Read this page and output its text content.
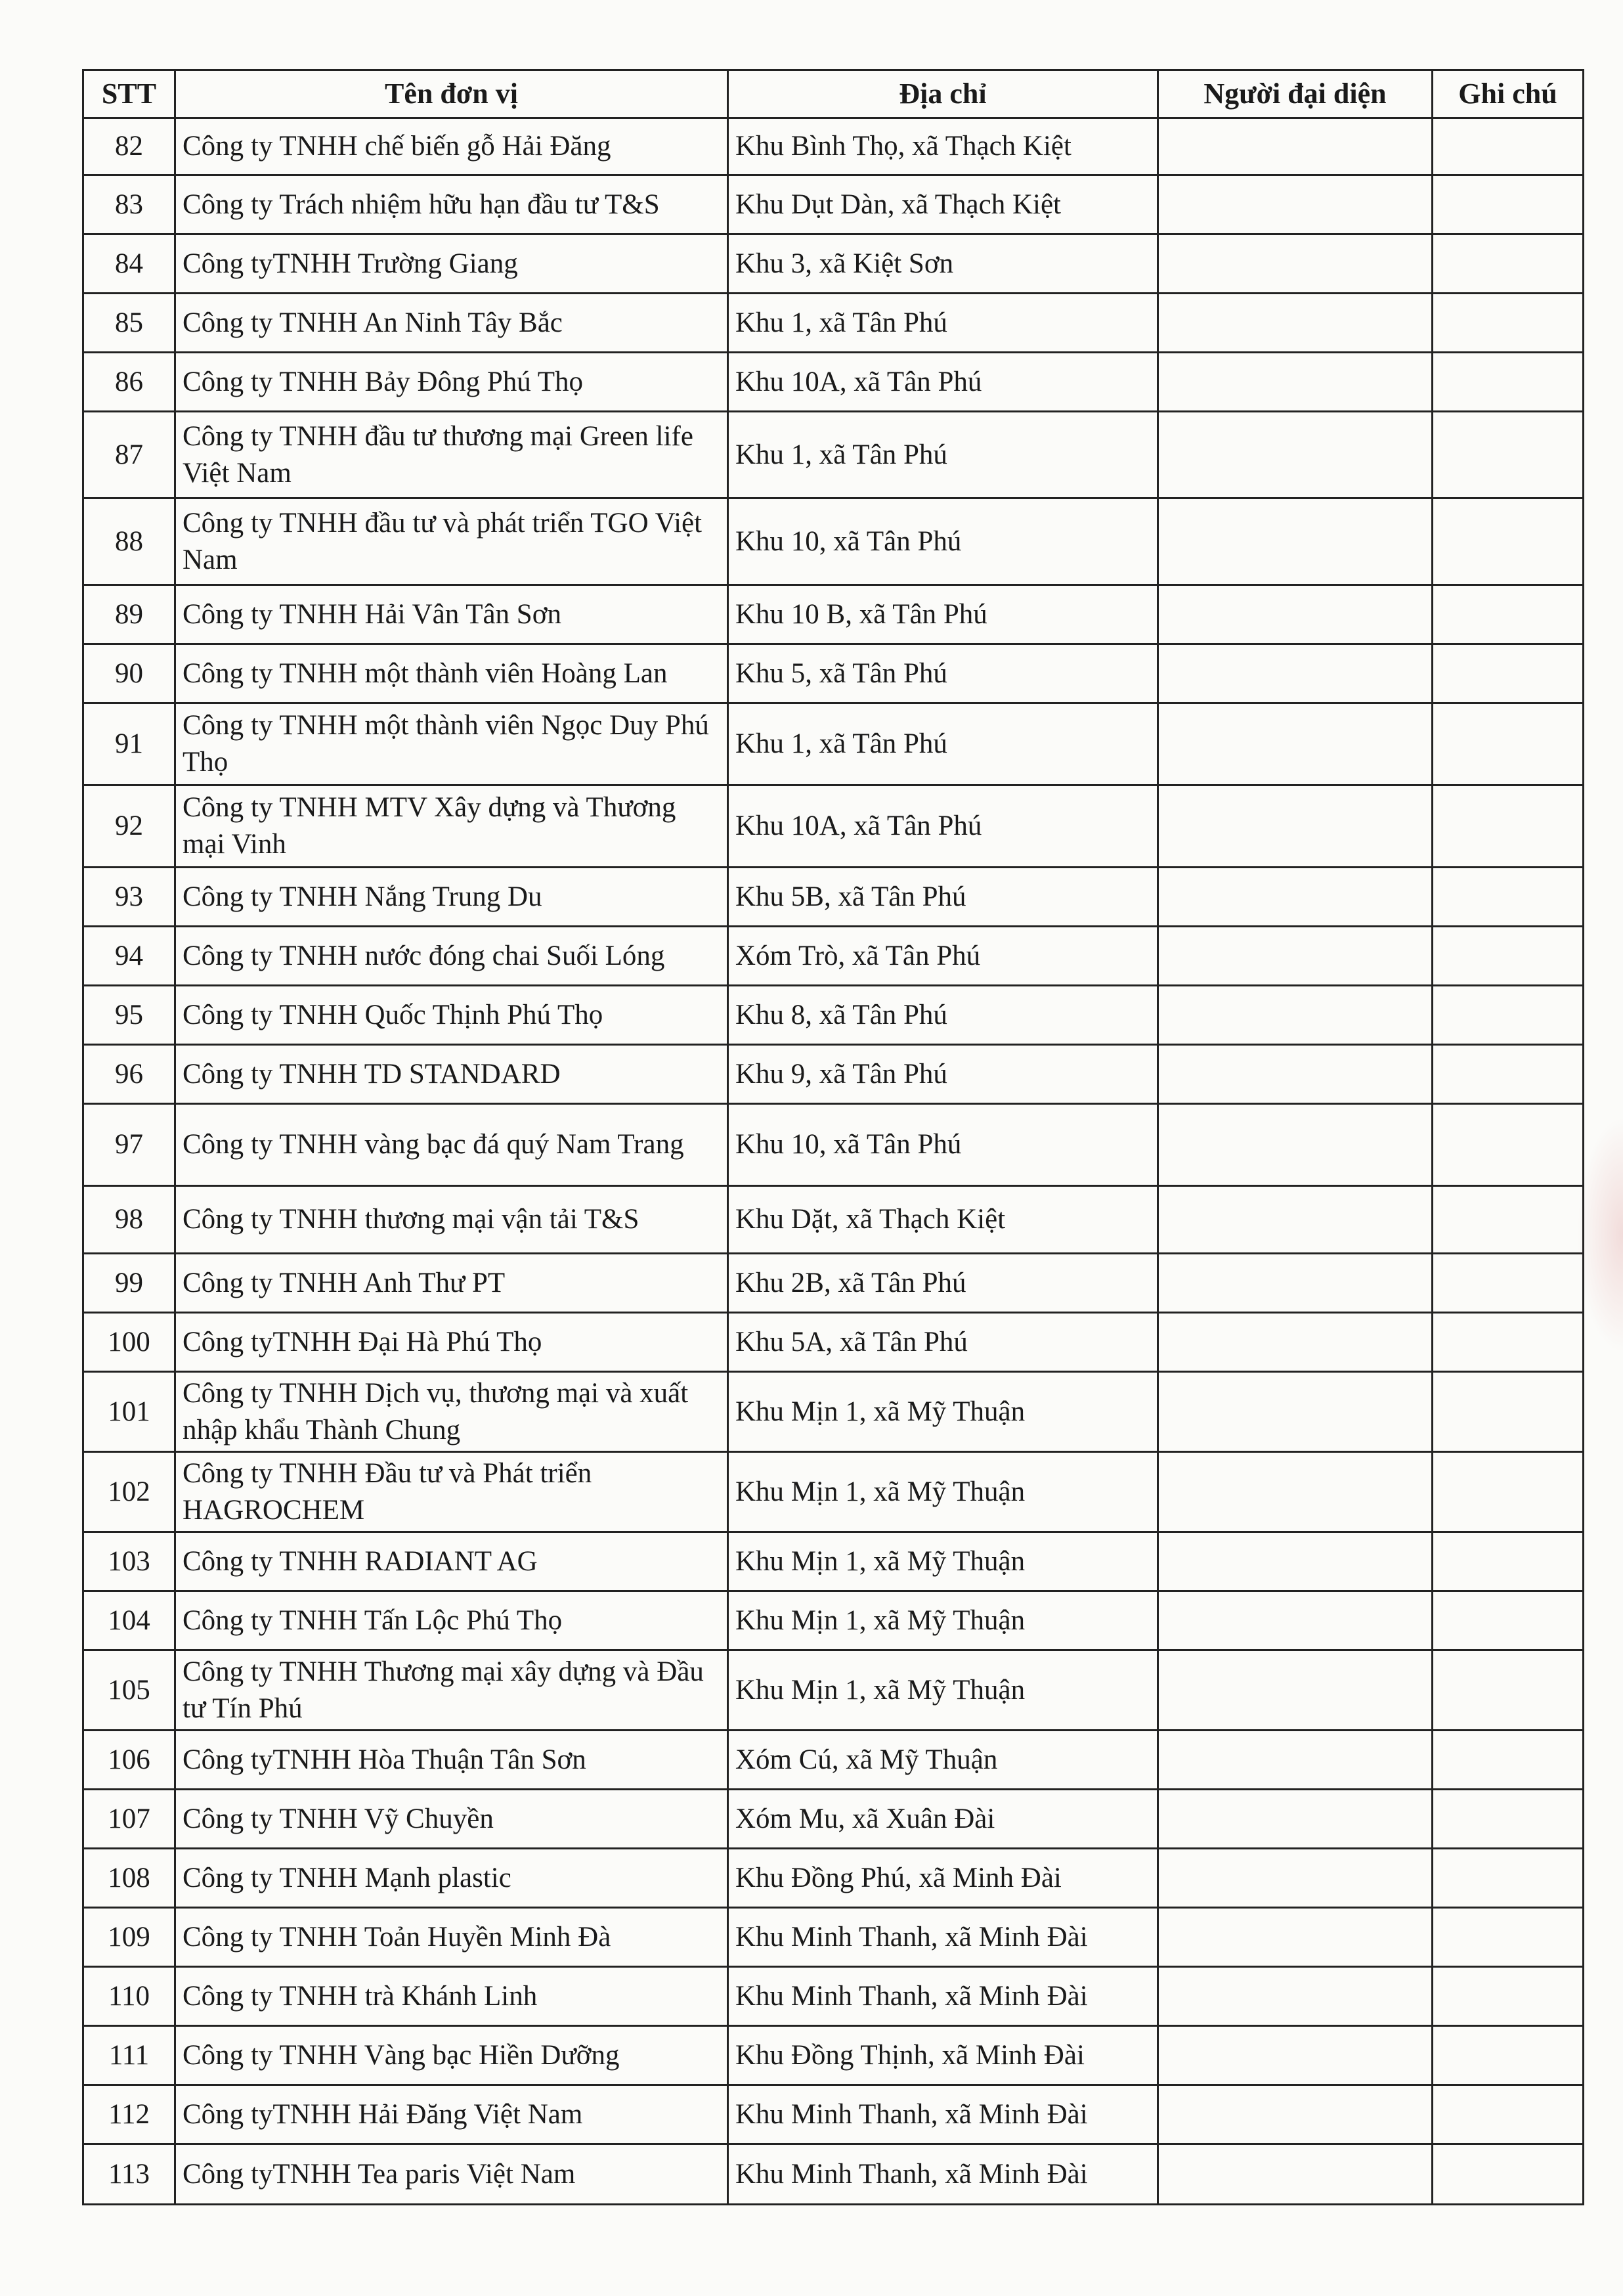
STT	Tên đơn vị	Địa chỉ	Người đại diện	Ghi chú
82	Công ty TNHH chế biến gỗ Hải Đăng	Khu Bình Thọ, xã Thạch Kiệt		
83	Công ty Trách nhiệm hữu hạn đầu tư T&S	Khu Dụt Dàn, xã Thạch Kiệt		
84	Công tyTNHH Trường Giang	Khu 3, xã Kiệt Sơn		
85	Công ty TNHH An Ninh Tây Bắc	Khu 1, xã Tân Phú		
86	Công ty TNHH Bảy Đông Phú Thọ	Khu 10A, xã Tân Phú		
87	Công ty TNHH đầu tư thương mại Green life Việt Nam	Khu 1, xã Tân Phú		
88	Công ty TNHH đầu tư và phát triển TGO Việt Nam	Khu 10, xã Tân Phú		
89	Công ty TNHH Hải Vân Tân Sơn	Khu 10 B, xã Tân Phú		
90	Công ty TNHH một thành viên Hoàng Lan	Khu 5, xã Tân Phú		
91	Công ty TNHH một thành viên Ngọc Duy Phú Thọ	Khu 1, xã Tân Phú		
92	Công ty TNHH MTV Xây dựng và Thương mại Vinh	Khu 10A, xã Tân Phú		
93	Công ty TNHH Nắng Trung Du	Khu 5B, xã Tân Phú		
94	Công ty TNHH nước đóng chai Suối Lóng	Xóm Trò, xã Tân Phú		
95	Công ty TNHH Quốc Thịnh Phú Thọ	Khu 8, xã Tân Phú		
96	Công ty TNHH TD STANDARD	Khu 9, xã Tân Phú		
97	Công ty TNHH vàng bạc đá quý Nam Trang	Khu 10, xã Tân Phú		
98	Công ty TNHH thương mại vận tải T&S	Khu Dặt, xã Thạch Kiệt		
99	Công ty TNHH Anh Thư PT	Khu 2B, xã Tân Phú		
100	Công tyTNHH Đại Hà Phú Thọ	Khu 5A, xã Tân Phú		
101	Công ty TNHH Dịch vụ, thương mại và xuất nhập khẩu Thành Chung	Khu Mịn 1, xã Mỹ Thuận		
102	Công ty TNHH Đầu tư và Phát triển HAGROCHEM	Khu Mịn 1, xã Mỹ Thuận		
103	Công ty TNHH RADIANT AG	Khu Mịn 1, xã Mỹ Thuận		
104	Công ty TNHH Tấn Lộc Phú Thọ	Khu Mịn 1, xã Mỹ Thuận		
105	Công ty TNHH Thương mại xây dựng và Đầu tư Tín Phú	Khu Mịn 1, xã Mỹ Thuận		
106	Công tyTNHH Hòa Thuận Tân Sơn	Xóm Cú, xã Mỹ Thuận		
107	Công ty TNHH Vỹ Chuyền	Xóm Mu, xã Xuân Đài		
108	Công ty TNHH Mạnh plastic	Khu Đồng Phú, xã Minh Đài		
109	Công ty TNHH Toản Huyền Minh Đà	Khu Minh Thanh, xã Minh Đài		
110	Công ty TNHH trà Khánh Linh	Khu Minh Thanh, xã Minh Đài		
111	Công ty TNHH Vàng bạc Hiền Dưỡng	Khu Đồng Thịnh, xã Minh Đài		
112	Công tyTNHH Hải Đăng Việt Nam	Khu Minh Thanh, xã Minh Đài		
113	Công tyTNHH Tea paris Việt Nam	Khu Minh Thanh, xã Minh Đài		
